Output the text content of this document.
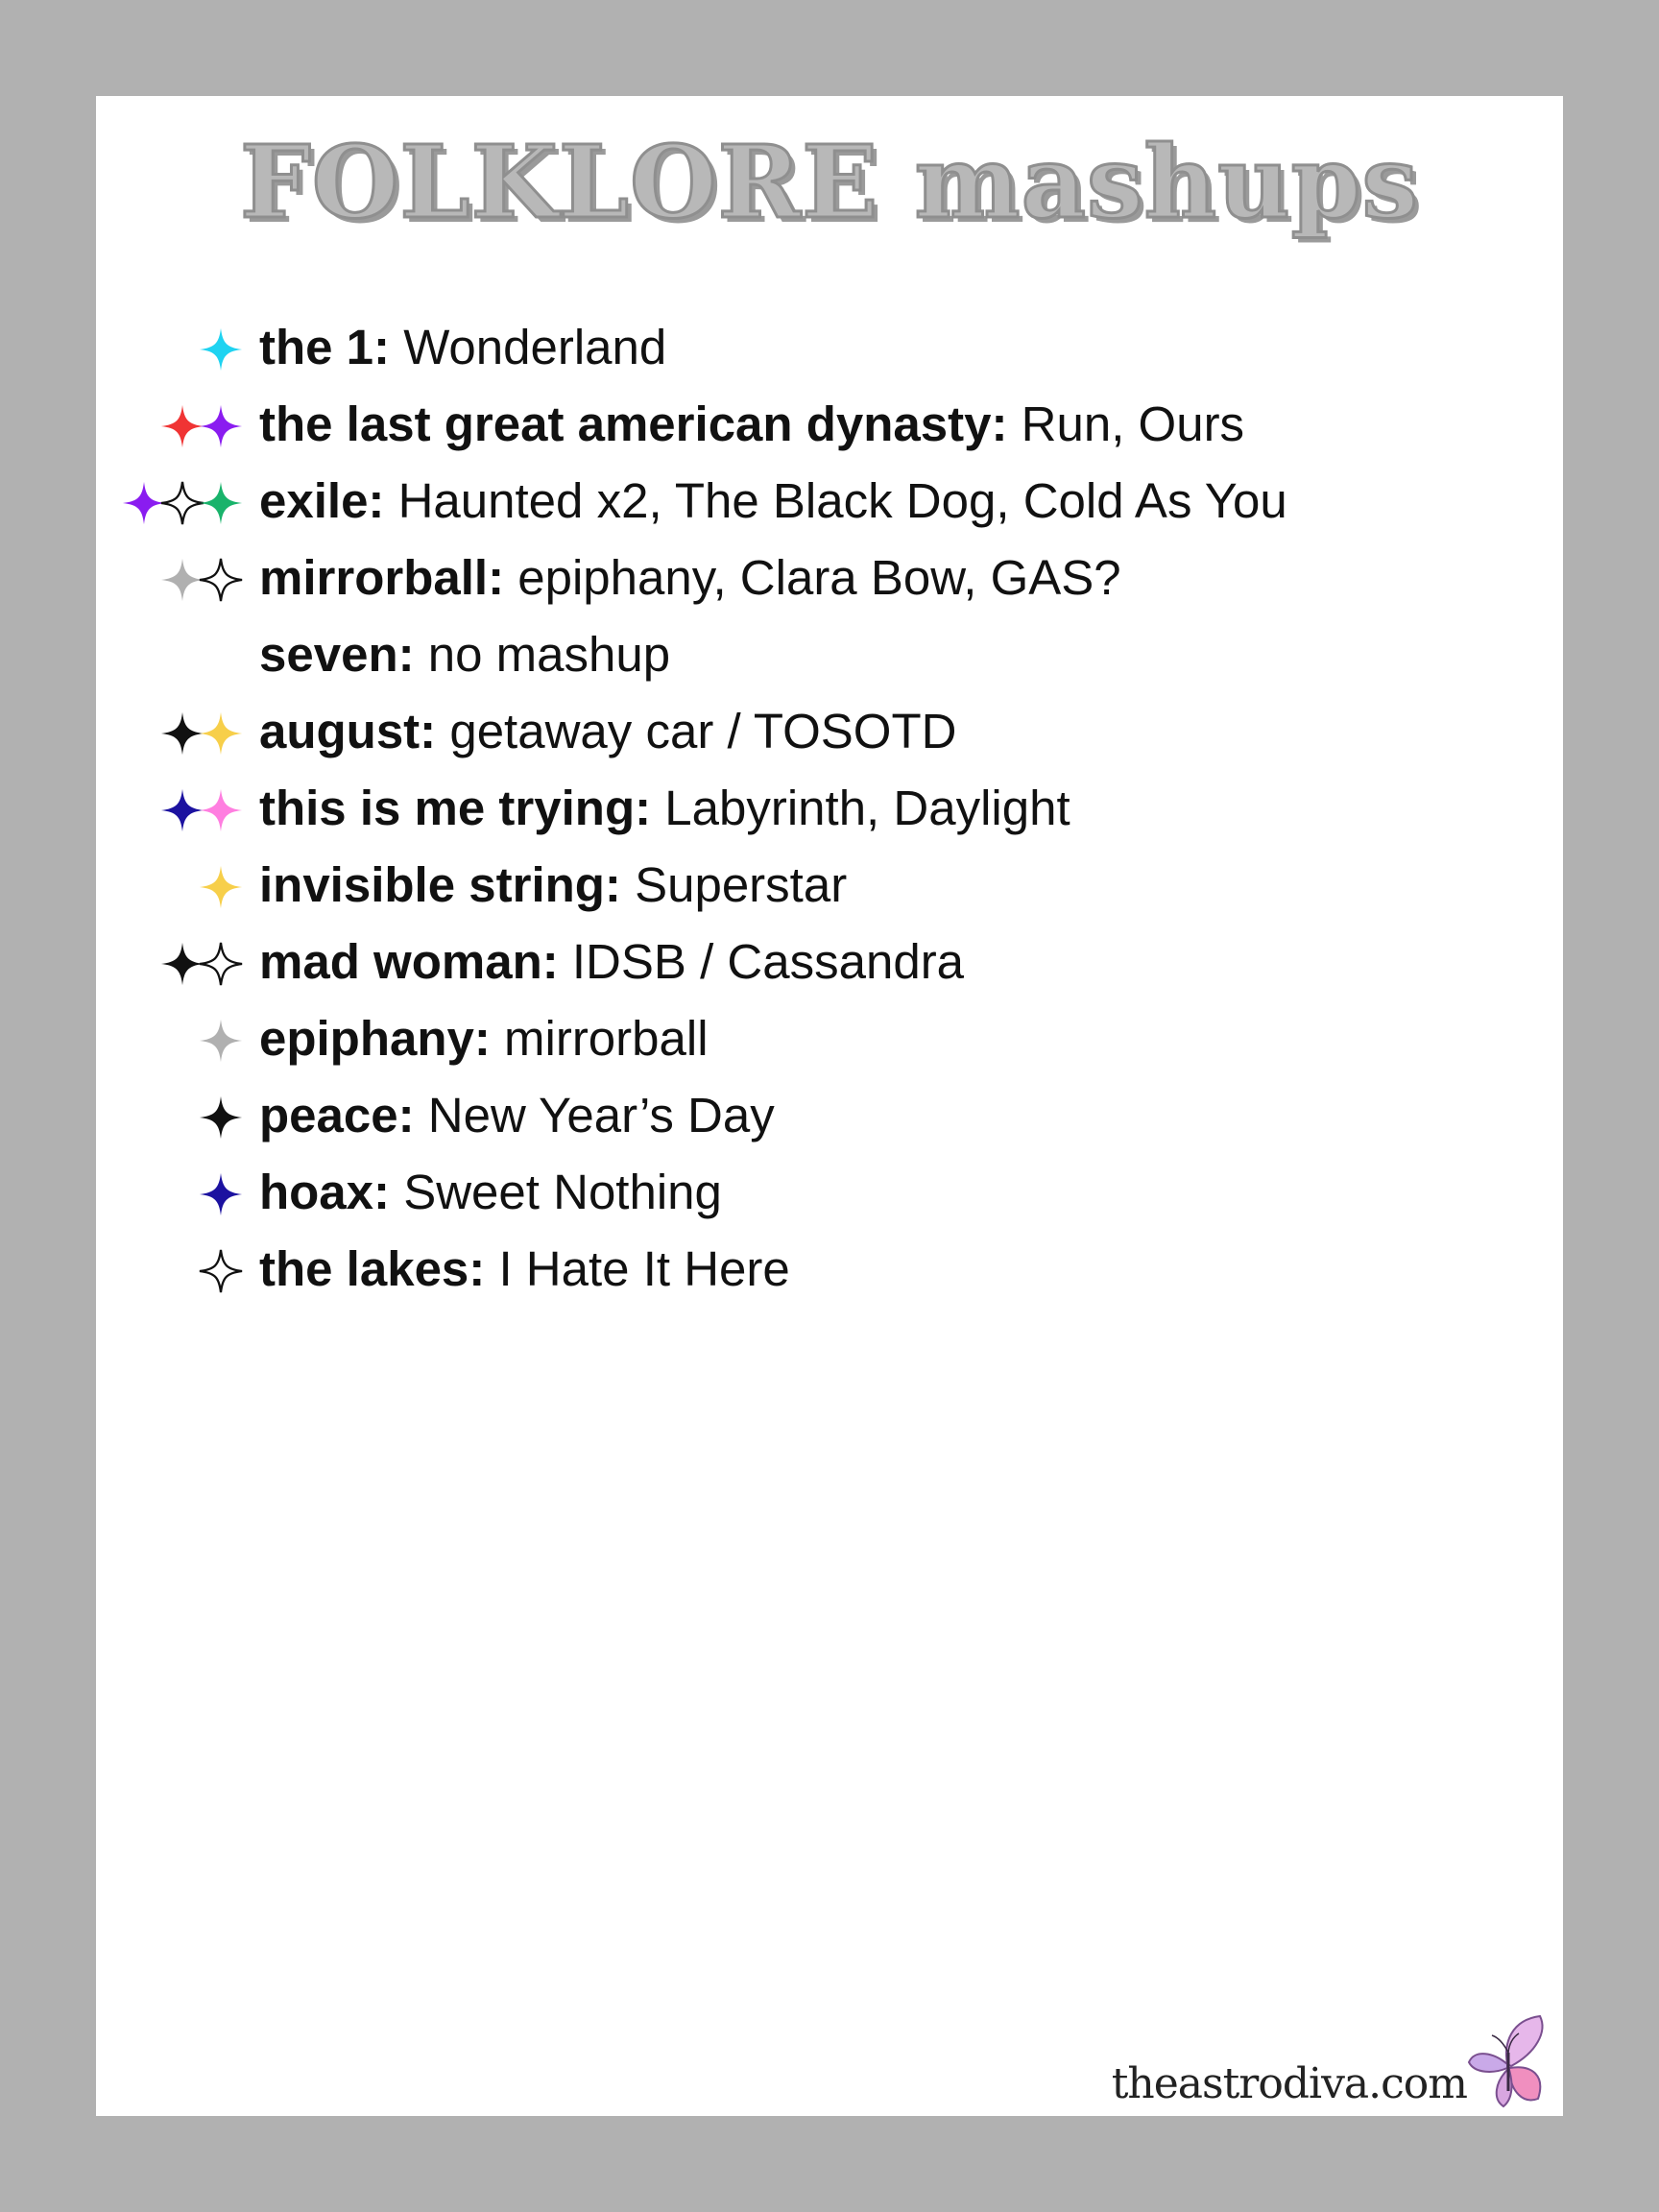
FOLKLORE mashups
the 1: Wonderland
the last great american dynasty: Run, Ours
exile: Haunted x2, The Black Dog, Cold As You
mirrorball: epiphany, Clara Bow, GAS?
seven: no mashup
august: getaway car / TOSOTD
this is me trying: Labyrinth, Daylight
invisible string: Superstar
mad woman: IDSB / Cassandra
epiphany: mirrorball
peace: New Year’s Day
hoax: Sweet Nothing
the lakes: I Hate It Here
theastrodiva.com
